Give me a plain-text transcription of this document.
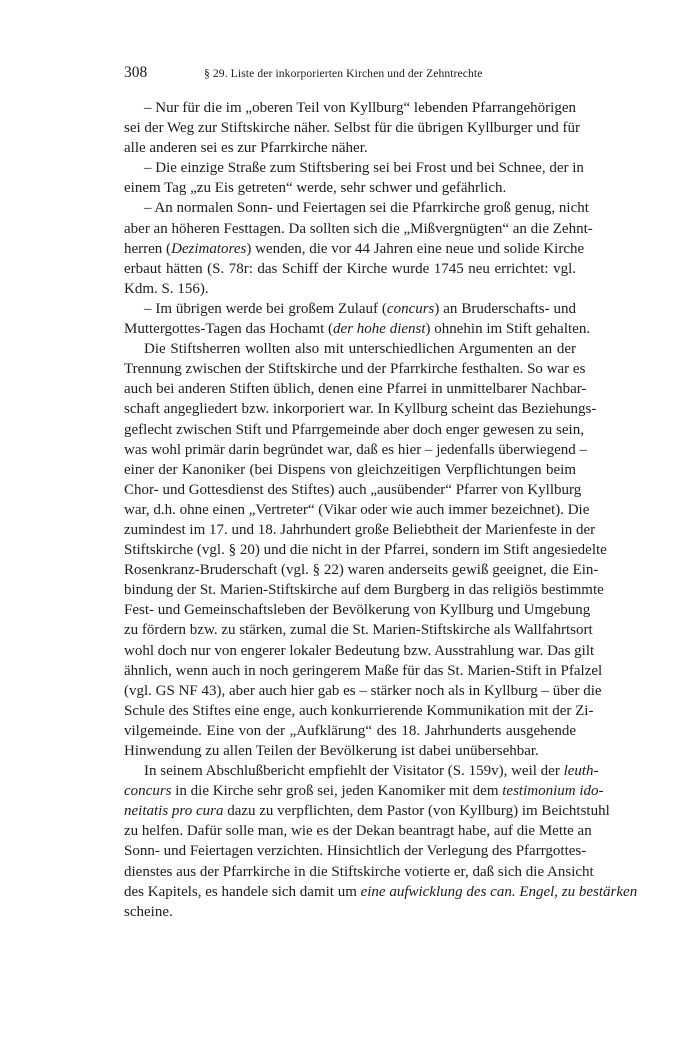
308	§ 29. Liste der inkorporierten Kirchen und der Zehntrechte
– Nur für die im „oberen Teil von Kyllburg“ lebenden Pfarrangehörigen
sei der Weg zur Stiftskirche näher. Selbst für die übrigen Kyllburger und für
alle anderen sei es zur Pfarrkirche näher.
– Die einzige Straße zum Stiftsbering sei bei Frost und bei Schnee, der in
einem Tag „zu Eis getreten“ werde, sehr schwer und gefährlich.
– An normalen Sonn- und Feiertagen sei die Pfarrkirche groß genug, nicht
aber an höheren Festtagen. Da sollten sich die „Mißvergnügten“ an die Zehnt-
herren (Dezimatores) wenden, die vor 44 Jahren eine neue und solide Kirche
erbaut hätten (S. 78r: das Schiff der Kirche wurde 1745 neu errichtet: vgl.
Kdm. S. 156).
– Im übrigen werde bei großem Zulauf (concurs) an Bruderschafts- und
Muttergottes-Tagen das Hochamt (der hohe dienst) ohnehin im Stift gehalten.
Die Stiftsherren wollten also mit unterschiedlichen Argumenten an der
Trennung zwischen der Stiftskirche und der Pfarrkirche festhalten. So war es
auch bei anderen Stiften üblich, denen eine Pfarrei in unmittelbarer Nachbar-
schaft angegliedert bzw. inkorporiert war. In Kyllburg scheint das Beziehungs-
geflecht zwischen Stift und Pfarrgemeinde aber doch enger gewesen zu sein,
was wohl primär darin begründet war, daß es hier – jedenfalls überwiegend –
einer der Kanoniker (bei Dispens von gleichzeitigen Verpflichtungen beim
Chor- und Gottesdienst des Stiftes) auch „ausübender“ Pfarrer von Kyllburg
war, d.h. ohne einen „Vertreter“ (Vikar oder wie auch immer bezeichnet). Die
zumindest im 17. und 18. Jahrhundert große Beliebtheit der Marienfeste in der
Stiftskirche (vgl. § 20) und die nicht in der Pfarrei, sondern im Stift angesiedelte
Rosenkranz-Bruderschaft (vgl. § 22) waren anderseits gewiß geeignet, die Ein-
bindung der St. Marien-Stiftskirche auf dem Burgberg in das religiös bestimmte
Fest- und Gemeinschaftsleben der Bevölkerung von Kyllburg und Umgebung
zu fördern bzw. zu stärken, zumal die St. Marien-Stiftskirche als Wallfahrtsort
wohl doch nur von engerer lokaler Bedeutung bzw. Ausstrahlung war. Das gilt
ähnlich, wenn auch in noch geringerem Maße für das St. Marien-Stift in Pfalzel
(vgl. GS NF 43), aber auch hier gab es – stärker noch als in Kyllburg – über die
Schule des Stiftes eine enge, auch konkurrierende Kommunikation mit der Zi-
vilgemeinde. Eine von der „Aufklärung“ des 18. Jahrhunderts ausgehende
Hinwendung zu allen Teilen der Bevölkerung ist dabei unübersehbar.
In seinem Abschlußbericht empfiehlt der Visitator (S. 159v), weil der leuth-
concurs in die Kirche sehr groß sei, jeden Kanomiker mit dem testimonium ido-
neitatis pro cura dazu zu verpflichten, dem Pastor (von Kyllburg) im Beichtstuhl
zu helfen. Dafür solle man, wie es der Dekan beantragt habe, auf die Mette an
Sonn- und Feiertagen verzichten. Hinsichtlich der Verlegung des Pfarrgottes-
dienstes aus der Pfarrkirche in die Stiftskirche votierte er, daß sich die Ansicht
des Kapitels, es handele sich damit um eine aufwicklung des can. Engel, zu bestärken
scheine.
